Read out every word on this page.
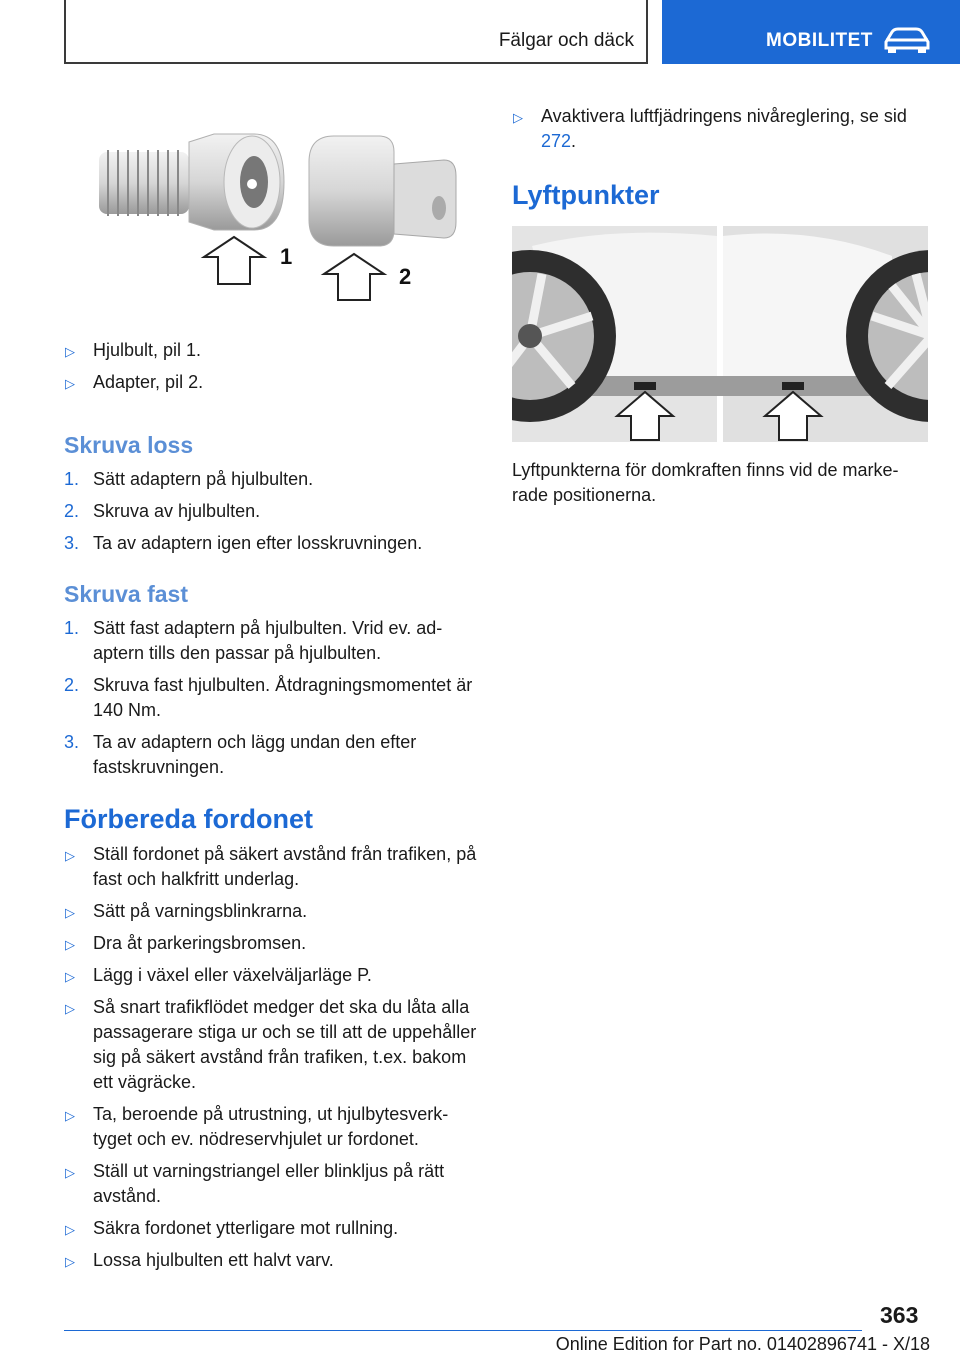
Fälgar och däck	MOBILITET
1
2
▷ Hjulbult, pil 1.
▷ Adapter, pil 2.
Skruva loss
1. Sätt adaptern på hjulbulten.
2. Skruva av hjulbulten.
3. Ta av adaptern igen efter losskruvningen.
Skruva fast
1. Sätt fast adaptern på hjulbulten. Vrid ev. ad- aptern tills den passar på hjulbulten.
2. Skruva fast hjulbulten. Åtdragningsmomentet är 140 Nm.
3. Ta av adaptern och lägg undan den efter fastskruvningen.
Förbereda fordonet
▷ Ställ fordonet på säkert avstånd från trafiken, på fast och halkfritt underlag.
▷ Sätt på varningsblinkrarna.
▷ Dra åt parkeringsbromsen.
▷ Lägg i växel eller växelväljarläge P.
▷ Så snart trafikflödet medger det ska du låta alla passagerare stiga ur och se till att de uppehåller sig på säkert avstånd från trafiken, t.ex. bakom ett vägräcke.
▷ Ta, beroende på utrustning, ut hjulbytesverk- tyget och ev. nödreservhjulet ur fordonet.
▷ Ställ ut varningstriangel eller blinkljus på rätt avstånd.
▷ Säkra fordonet ytterligare mot rullning.
▷ Lossa hjulbulten ett halvt varv.
▷ Avaktivera luftfjädringens nivåreglering, se sid 272.
Lyftpunkter

Lyftpunkterna för domkraften finns vid de marke- rade positionerna.

363
Online Edition for Part no. 01402896741 - X/18
